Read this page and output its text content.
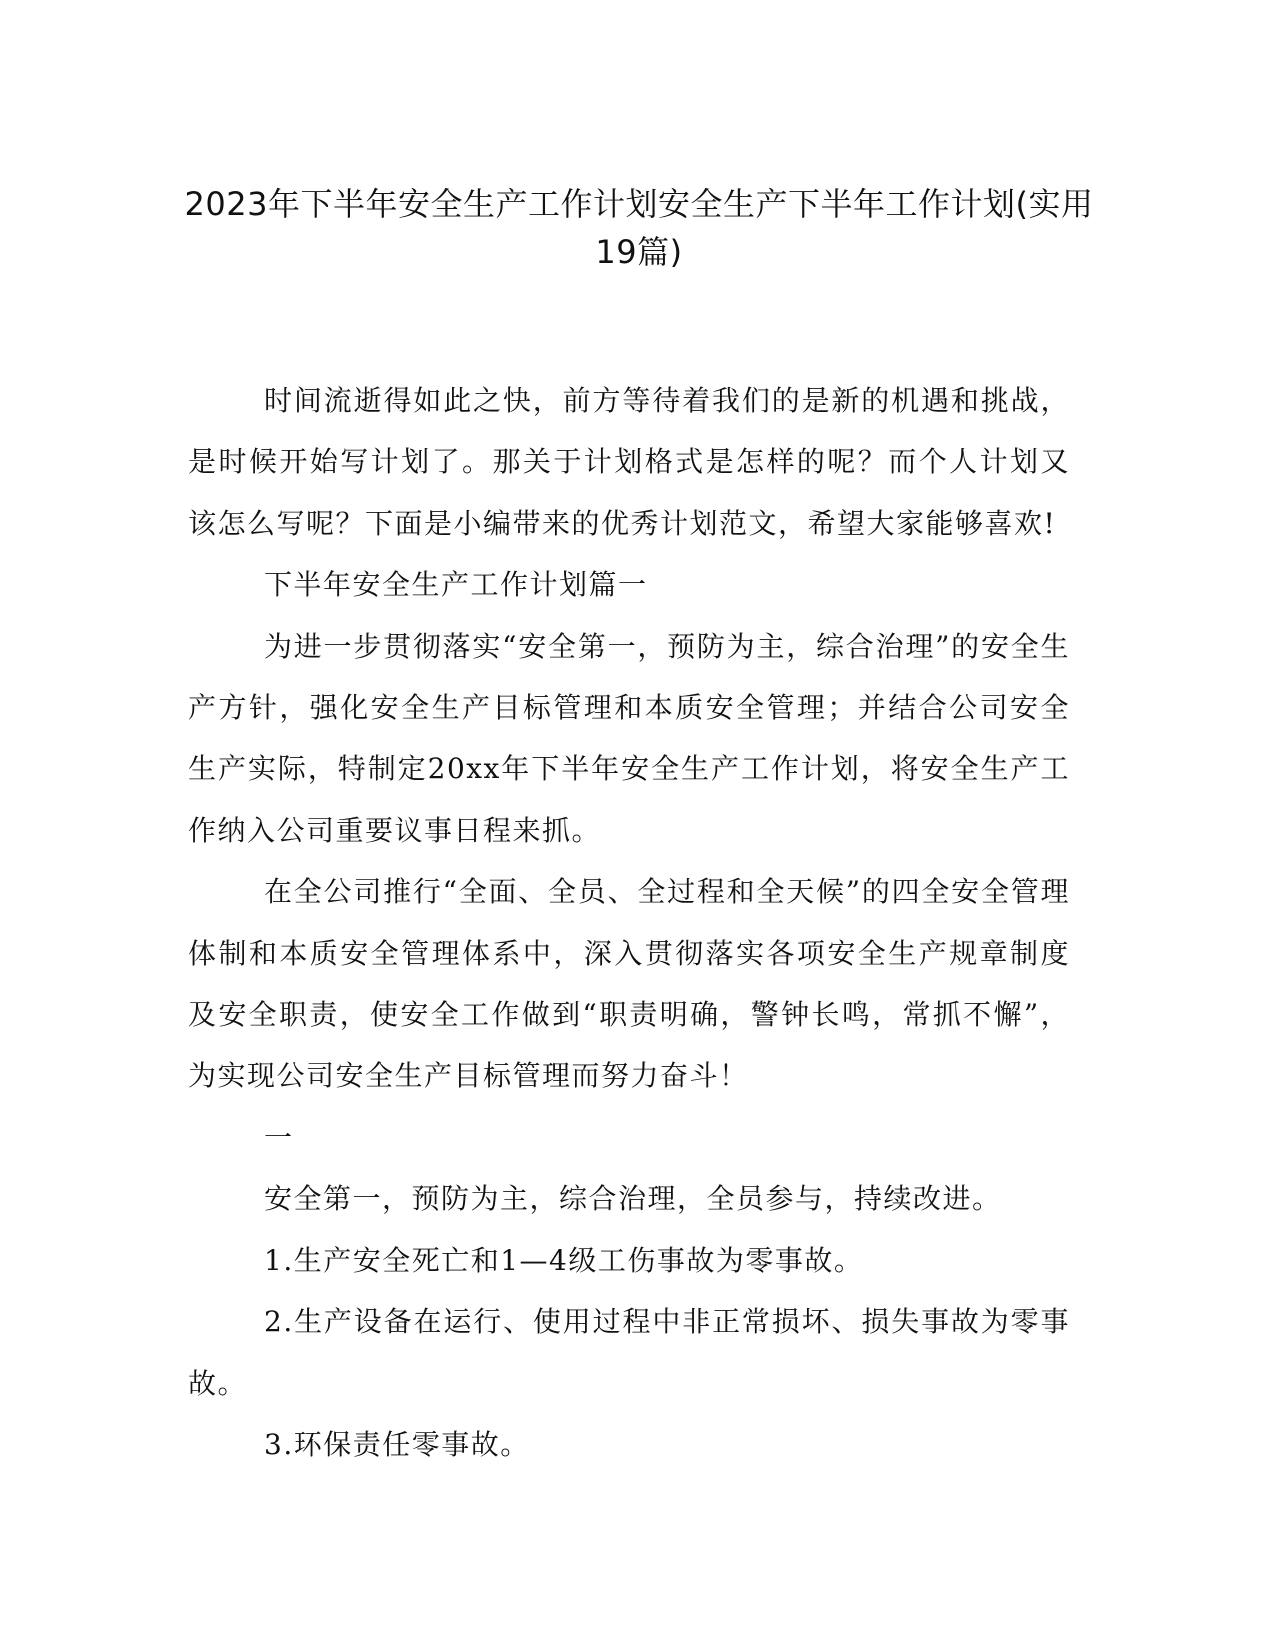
2023年下半年安全生产工作计划安全生产下半年工作计划(实用19篇)

时间流逝得如此之快，前方等待着我们的是新的机遇和挑战，是时候开始写计划了。那关于计划格式是怎样的呢？而个人计划又该怎么写呢？下面是小编带来的优秀计划范文，希望大家能够喜欢!

下半年安全生产工作计划篇一

为进一步贯彻落实“安全第一，预防为主，综合治理”的安全生产方针，强化安全生产目标管理和本质安全管理；并结合公司安全生产实际，特制定20xx年下半年安全生产工作计划，将安全生产工作纳入公司重要议事日程来抓。

在全公司推行“全面、全员、全过程和全天候”的四全安全管理体制和本质安全管理体系中，深入贯彻落实各项安全生产规章制度及安全职责，使安全工作做到“职责明确，警钟长鸣，常抓不懈”，为实现公司安全生产目标管理而努力奋斗！

一

安全第一，预防为主，综合治理，全员参与，持续改进。

1.生产安全死亡和1—4级工伤事故为零事故。

2.生产设备在运行、使用过程中非正常损坏、损失事故为零事故。

3.环保责任零事故。
